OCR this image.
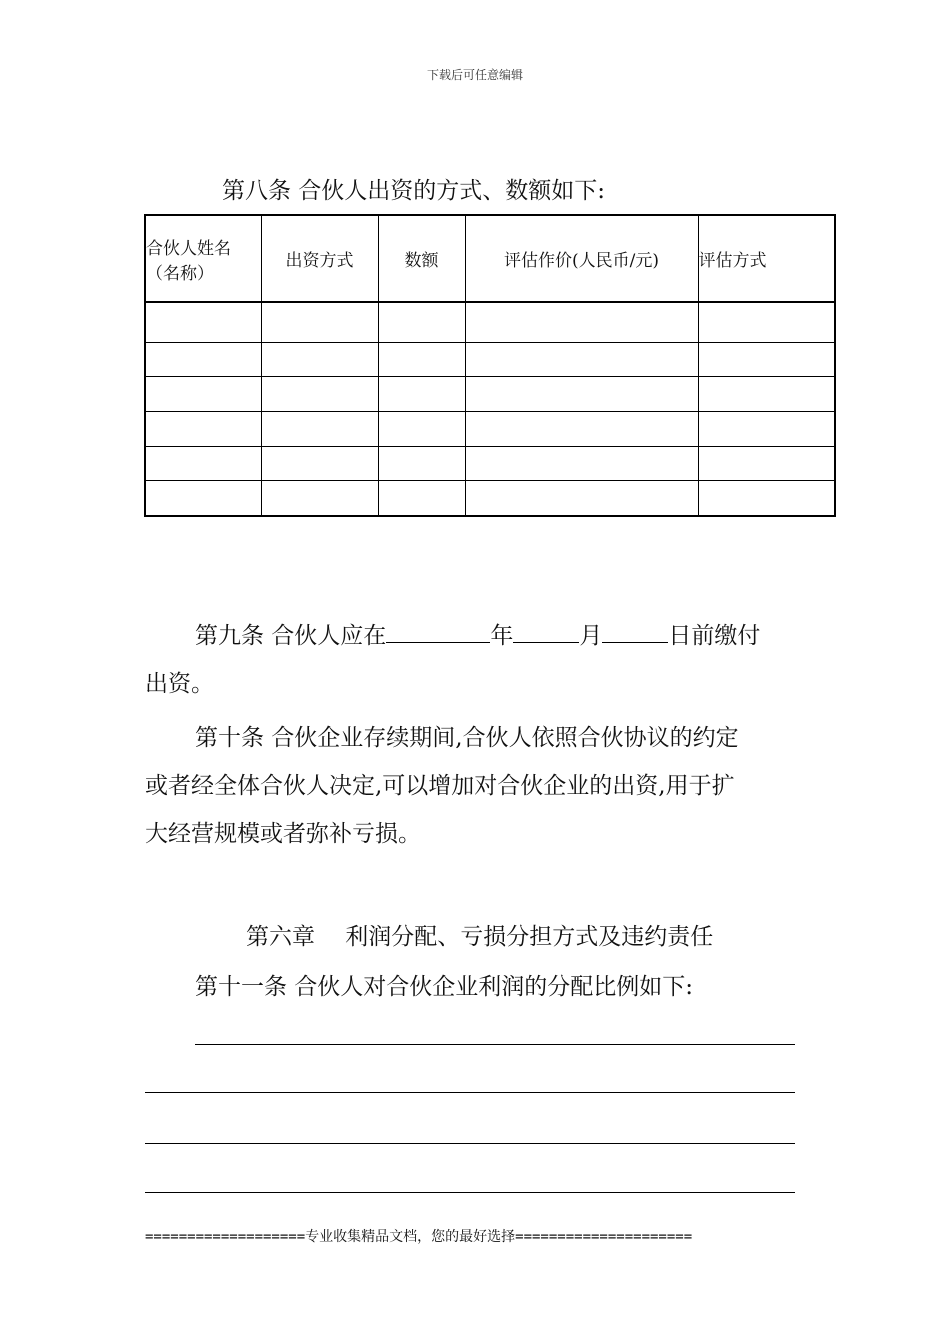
下载后可任意编辑
第八条 合伙人出资的方式、数额如下:
合伙人姓名
（名称）	出资方式	数额	评估作价(人民币/元)	评估方式

第九条 合伙人应在	年	月	日前缴付
出资。
第十条 合伙企业存续期间,合伙人依照合伙协议的约定
或者经全体合伙人决定,可以增加对合伙企业的出资,用于扩
大经营规模或者弥补亏损。
第六章　 利润分配、亏损分担方式及违约责任
第十一条 合伙人对合伙企业利润的分配比例如下:
===================专业收集精品文档，您的最好选择=====================
